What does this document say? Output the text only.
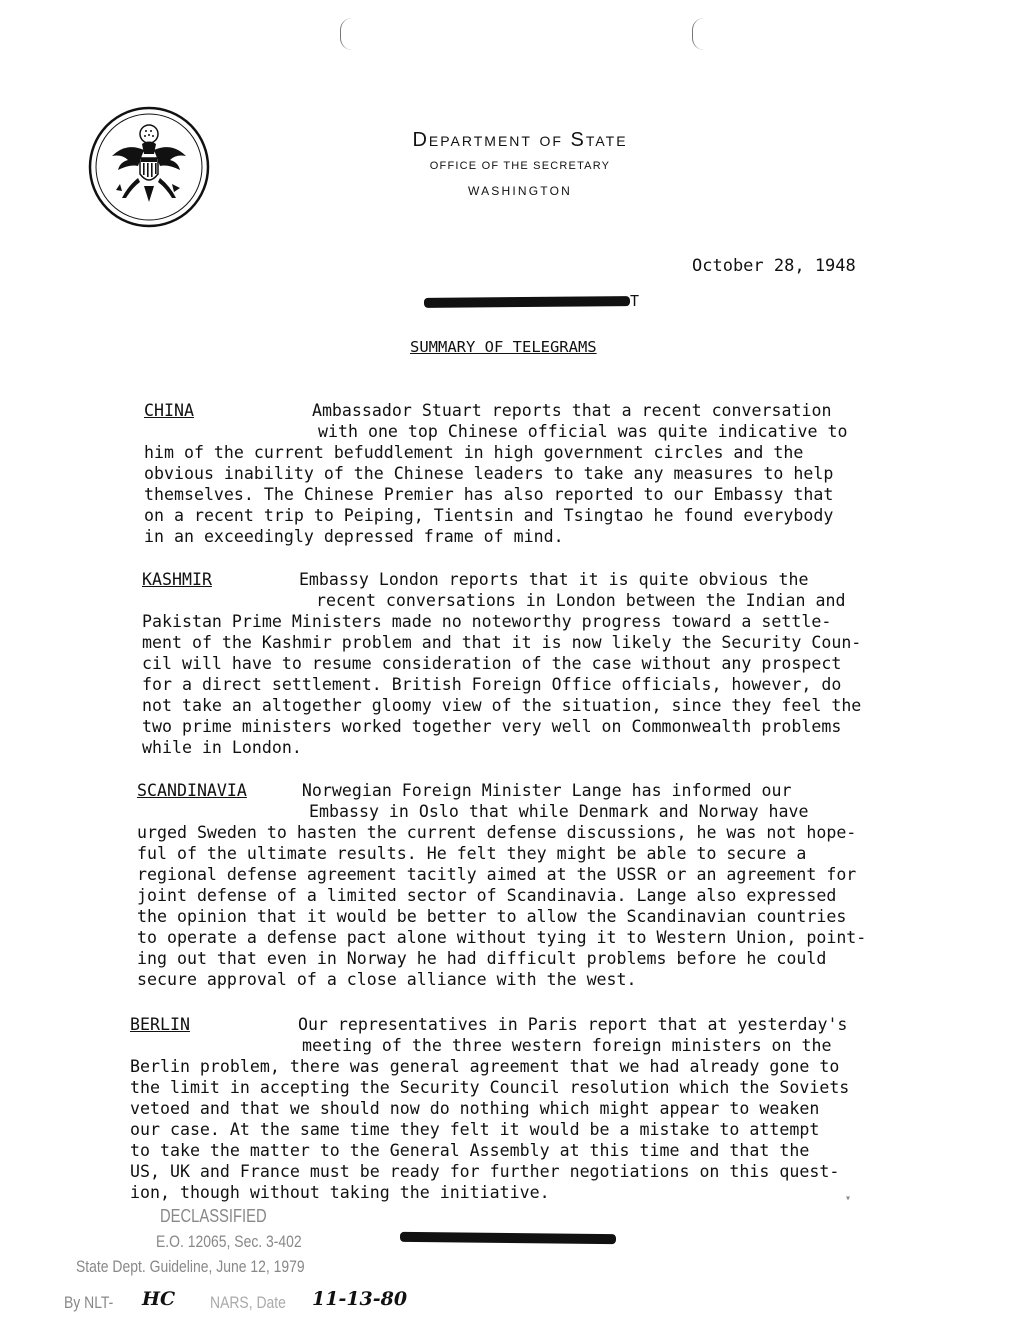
Department of State
OFFICE OF THE SECRETARY
WASHINGTON
October 28, 1948
T
SUMMARY OF TELEGRAMS
CHINA	Ambassador Stuart reports that a recent conversation
with one top Chinese official was quite indicative to
him of the current befuddlement in high government circles and the
obvious inability of the Chinese leaders to take any measures to help
themselves. The Chinese Premier has also reported to our Embassy that
on a recent trip to Peiping, Tientsin and Tsingtao he found everybody
in an exceedingly depressed frame of mind.
KASHMIR	Embassy London reports that it is quite obvious the
recent conversations in London between the Indian and
Pakistan Prime Ministers made no noteworthy progress toward a settle-
ment of the Kashmir problem and that it is now likely the Security Coun-
cil will have to resume consideration of the case without any prospect
for a direct settlement. British Foreign Office officials, however, do
not take an altogether gloomy view of the situation, since they feel the
two prime ministers worked together very well on Commonwealth problems
while in London.
SCANDINAVIA	Norwegian Foreign Minister Lange has informed our
Embassy in Oslo that while Denmark and Norway have
urged Sweden to hasten the current defense discussions, he was not hope-
ful of the ultimate results. He felt they might be able to secure a
regional defense agreement tacitly aimed at the USSR or an agreement for
joint defense of a limited sector of Scandinavia. Lange also expressed
the opinion that it would be better to allow the Scandinavian countries
to operate a defense pact alone without tying it to Western Union, point-
ing out that even in Norway he had difficult problems before he could
secure approval of a close alliance with the west.
BERLIN	Our representatives in Paris report that at yesterday's
meeting of the three western foreign ministers on the
Berlin problem, there was general agreement that we had already gone to
the limit in accepting the Security Council resolution which the Soviets
vetoed and that we should now do nothing which might appear to weaken
our case. At the same time they felt it would be a mistake to attempt
to take the matter to the General Assembly at this time and that the
US, UK and France must be ready for further negotiations on this quest-
ion, though without taking the initiative.	▾
DECLASSIFIED
E.O. 12065, Sec. 3-402
State Dept. Guideline, June 12, 1979
By NLT- HC NARS, Date 11-13-80
